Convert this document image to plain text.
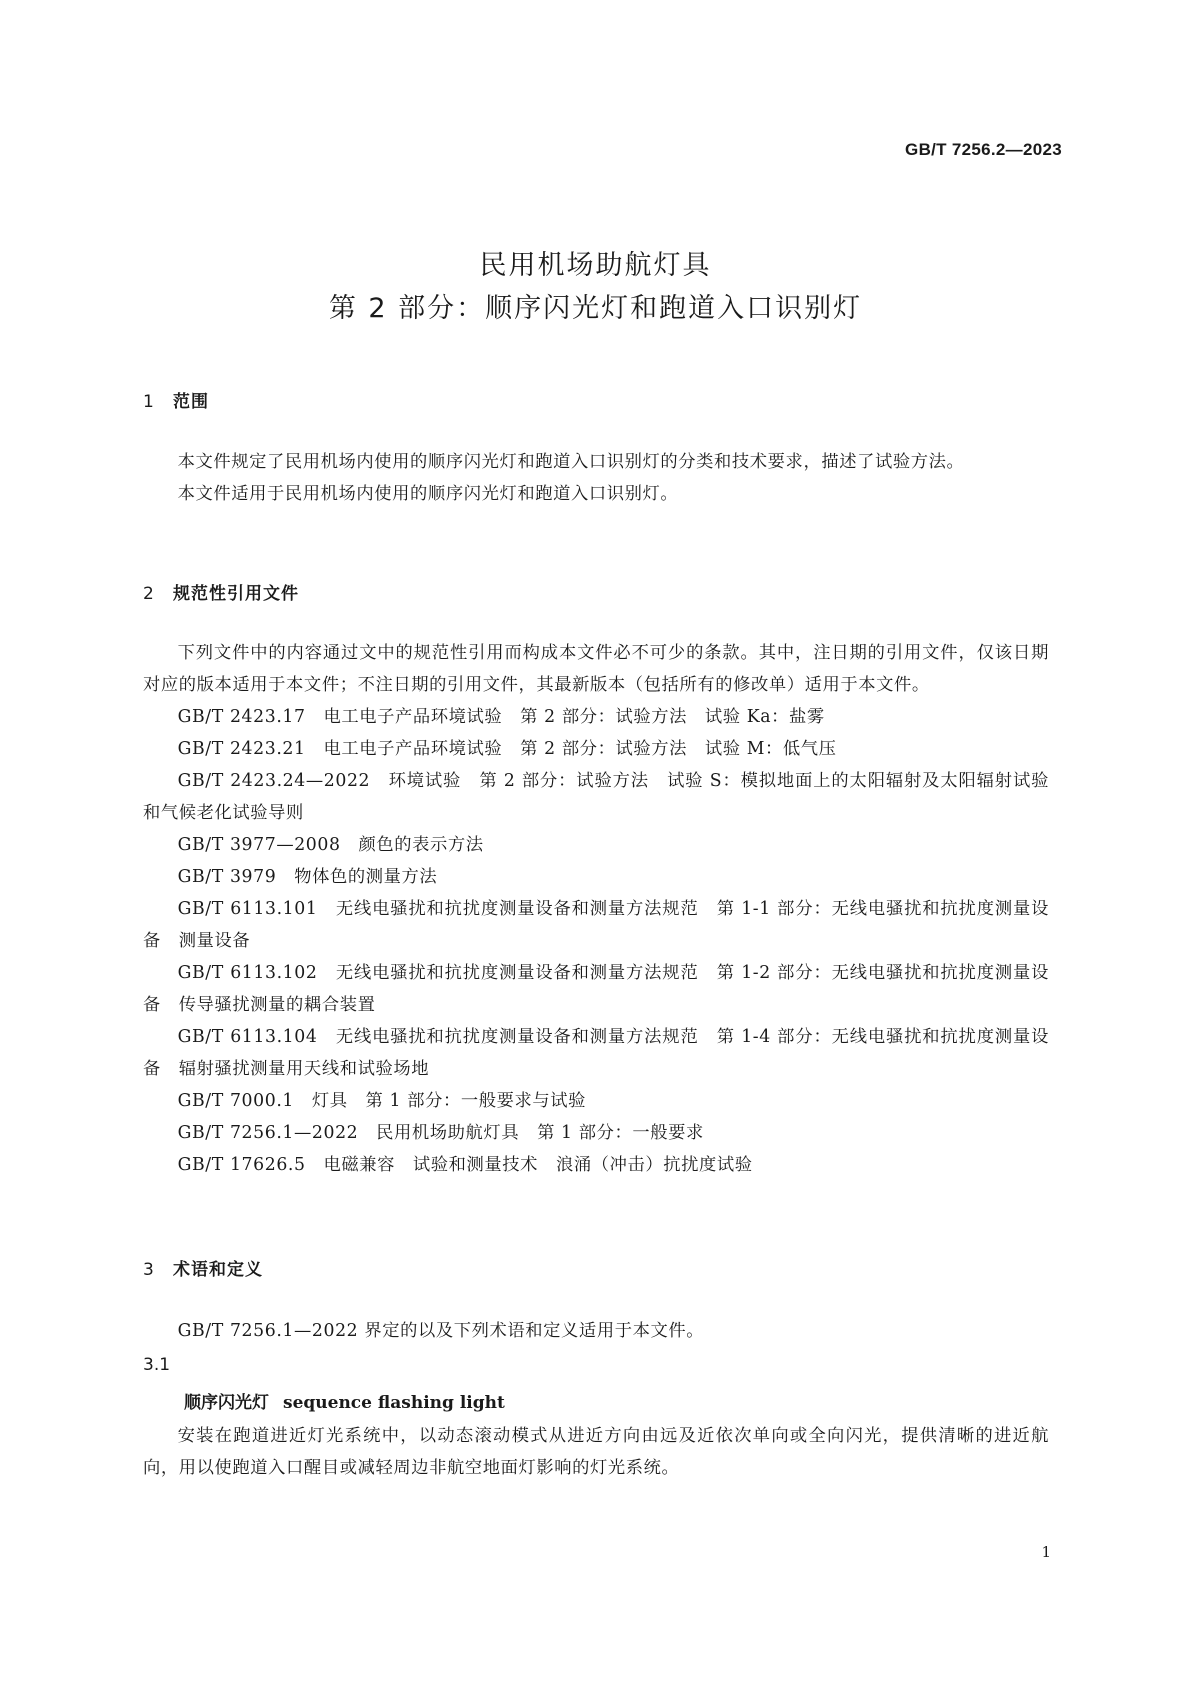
GB/T 7256.2—2023
民用机场助航灯具
第 2 部分：顺序闪光灯和跑道入口识别灯
1 范围

本文件规定了民用机场内使用的顺序闪光灯和跑道入口识别灯的分类和技术要求，描述了试验方法。

本文件适用于民用机场内使用的顺序闪光灯和跑道入口识别灯。

2 规范性引用文件

下列文件中的内容通过文中的规范性引用而构成本文件必不可少的条款。其中，注日期的引用文件，仅该日期对应的版本适用于本文件；不注日期的引用文件，其最新版本（包括所有的修改单）适用于本文件。

GB/T 2423.17　电工电子产品环境试验　第 2 部分：试验方法　试验 Ka：盐雾

GB/T 2423.21　电工电子产品环境试验　第 2 部分：试验方法　试验 M：低气压

GB/T 2423.24—2022　环境试验　第 2 部分：试验方法　试验 S：模拟地面上的太阳辐射及太阳辐射试验和气候老化试验导则

GB/T 3977—2008　颜色的表示方法

GB/T 3979　物体色的测量方法

GB/T 6113.101　无线电骚扰和抗扰度测量设备和测量方法规范　第 1-1 部分：无线电骚扰和抗扰度测量设备　测量设备

GB/T 6113.102　无线电骚扰和抗扰度测量设备和测量方法规范　第 1-2 部分：无线电骚扰和抗扰度测量设备　传导骚扰测量的耦合装置

GB/T 6113.104　无线电骚扰和抗扰度测量设备和测量方法规范　第 1-4 部分：无线电骚扰和抗扰度测量设备　辐射骚扰测量用天线和试验场地

GB/T 7000.1　灯具　第 1 部分：一般要求与试验

GB/T 7256.1—2022　民用机场助航灯具　第 1 部分：一般要求

GB/T 17626.5　电磁兼容　试验和测量技术　浪涌（冲击）抗扰度试验

3 术语和定义

GB/T 7256.1—2022 界定的以及下列术语和定义适用于本文件。

3.1
顺序闪光灯 sequence flashing light

安装在跑道进近灯光系统中，以动态滚动模式从进近方向由远及近依次单向或全向闪光，提供清晰的进近航向，用以使跑道入口醒目或减轻周边非航空地面灯影响的灯光系统。

1
